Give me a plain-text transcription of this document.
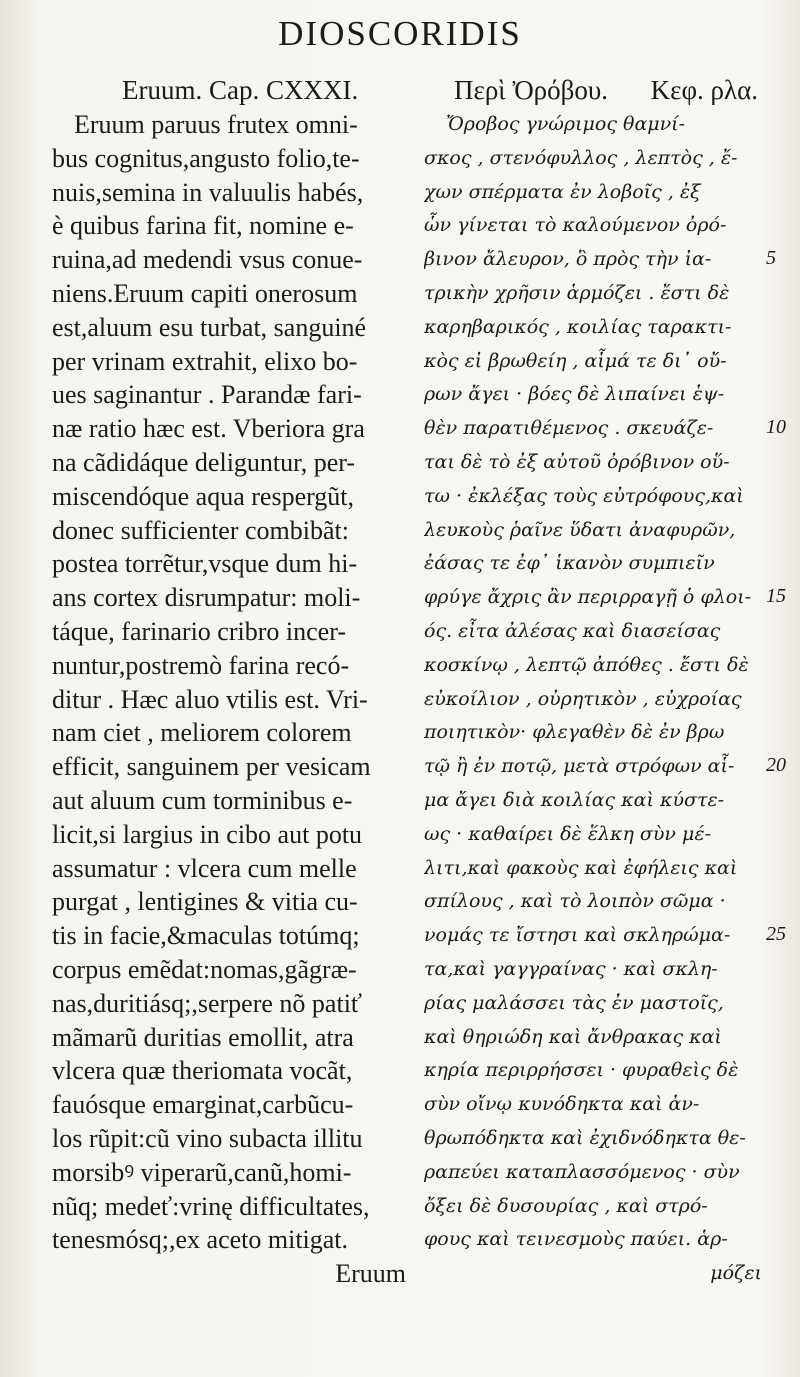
DIOSCORIDIS
Eruum. Cap. CXXXI.
Eruum paruus frutex omni-
bus cognitus,angusto folio,te-
nuis,semina in valuulis habés,
è quibus farina fit, nomine e-
ruina,ad medendi vsus conue-
niens.Eruum capiti onerosum
est,aluum esu turbat, sanguiné
per vrinam extrahit, elixo bo-
ues saginantur . Parandæ fari-
næ ratio hæc est. Vberiora gra
na cãdidáque deliguntur, per-
miscendóque aqua respergũt,
donec sufficienter combibãt:
postea torrẽtur,vsque dum hi-
ans cortex disrumpatur: moli-
táque, farinario cribro incer-
nuntur,postremò farina recó-
ditur . Hæc aluo vtilis est. Vri-
nam ciet , meliorem colorem
efficit, sanguinem per vesicam
aut aluum cum torminibus e-
licit,si largius in cibo aut potu
assumatur : vlcera cum melle
purgat , lentigines & vitia cu-
tis in facie,&maculas totúmq;
corpus emẽdat:nomas,gãgræ-
nas,duritiásq;,serpere nõ patiť
mãmarũ duritias emollit, atra
vlcera quæ theriomata vocãt,
fauósque emarginat,carbũcu-
los rũpit:cũ vino subacta illitu
morsibꝰ viperarũ,canũ,homi-
nũq; medeť:vrinę difficultates,
tenesmósq;,ex aceto mitigat.
Eruum
Περὶ Ὀρόβου. Κεφ. ρλα.
Ὄροβος γνώριμος θαμνί-
σκος , στενόφυλλος , λεπτὸς , ἔ-
χων σπέρματα ἐν λοβοῖς , ἐξ
ὧν γίνεται τὸ καλούμενον ὀρό-
βινον ἄλευρον, ὃ πρὸς τὴν ἰα-
τρικὴν χρῆσιν ἁρμόζει . ἔστι δὲ
καρηβαρικός , κοιλίας ταρακτι-
κὸς εἰ βρωθείη , αἷμά τε δι᾽ οὔ-
ρων ἄγει · βόες δὲ λιπαίνει ἑψ-
θὲν παρατιθέμενος . σκευάζε-
ται δὲ τὸ ἐξ αὐτοῦ ὀρόβινον οὕ-
τω · ἐκλέξας τοὺς εὐτρόφους,καὶ
λευκοὺς ῥαῖνε ὕδατι ἀναφυρῶν,
ἐάσας τε ἐφ᾽ ἱκανὸν συμπιεῖν
φρύγε ἄχρις ἂν περιρραγῇ ὁ φλοι-
ός. εἶτα ἀλέσας καὶ διασείσας
κοσκίνῳ , λεπτῷ ἀπόθες . ἔστι δὲ
εὐκοίλιον , οὐρητικὸν , εὐχροίας
ποιητικὸν· φλεγαθὲν δὲ ἐν βρω
τῷ ἢ ἐν ποτῷ, μετὰ στρόφων αἷ-
μα ἄγει διὰ κοιλίας καὶ κύστε-
ως · καθαίρει δὲ ἕλκη σὺν μέ-
λιτι,καὶ φακοὺς καὶ ἐφήλεις καὶ
σπίλους , καὶ τὸ λοιπὸν σῶμα ·
νομάς τε ἴστησι καὶ σκληρώμα-
τα,καὶ γαγγραίνας · καὶ σκλη-
ρίας μαλάσσει τὰς ἐν μαστοῖς,
καὶ θηριώδη καὶ ἄνθρακας καὶ
κηρία περιρρήσσει · φυραθεὶς δὲ
σὺν οἴνῳ κυνόδηκτα καὶ ἀν-
θρωπόδηκτα καὶ ἐχιδνόδηκτα θε-
ραπεύει καταπλασσόμενος · σὺν
ὄξει δὲ δυσουρίας , καὶ στρό-
φους καὶ τεινεσμοὺς παύει. ἁρ-
μόζει
5
10
15
20
25
